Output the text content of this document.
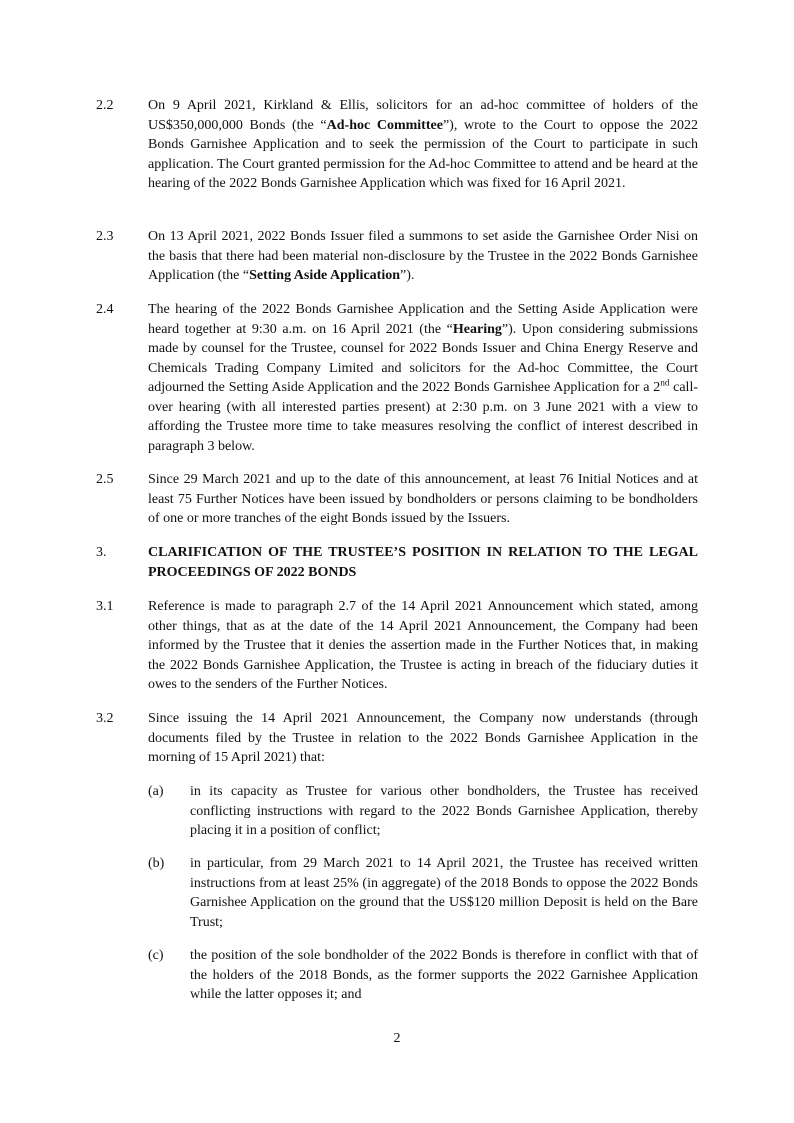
2.2	On 9 April 2021, Kirkland & Ellis, solicitors for an ad-hoc committee of holders of the US$350,000,000 Bonds (the “Ad-hoc Committee”), wrote to the Court to oppose the 2022 Bonds Garnishee Application and to seek the permission of the Court to participate in such application. The Court granted permission for the Ad-hoc Committee to attend and be heard at the hearing of the 2022 Bonds Garnishee Application which was fixed for 16 April 2021.
2.3	On 13 April 2021, 2022 Bonds Issuer filed a summons to set aside the Garnishee Order Nisi on the basis that there had been material non-disclosure by the Trustee in the 2022 Bonds Garnishee Application (the “Setting Aside Application”).
2.4	The hearing of the 2022 Bonds Garnishee Application and the Setting Aside Application were heard together at 9:30 a.m. on 16 April 2021 (the “Hearing”). Upon considering submissions made by counsel for the Trustee, counsel for 2022 Bonds Issuer and China Energy Reserve and Chemicals Trading Company Limited and solicitors for the Ad-hoc Committee, the Court adjourned the Setting Aside Application and the 2022 Bonds Garnishee Application for a 2nd call-over hearing (with all interested parties present) at 2:30 p.m. on 3 June 2021 with a view to affording the Trustee more time to take measures resolving the conflict of interest described in paragraph 3 below.
2.5	Since 29 March 2021 and up to the date of this announcement, at least 76 Initial Notices and at least 75 Further Notices have been issued by bondholders or persons claiming to be bondholders of one or more tranches of the eight Bonds issued by the Issuers.
3.	CLARIFICATION OF THE TRUSTEE’S POSITION IN RELATION TO THE LEGAL PROCEEDINGS OF 2022 BONDS
3.1	Reference is made to paragraph 2.7 of the 14 April 2021 Announcement which stated, among other things, that as at the date of the 14 April 2021 Announcement, the Company had been informed by the Trustee that it denies the assertion made in the Further Notices that, in making the 2022 Bonds Garnishee Application, the Trustee is acting in breach of the fiduciary duties it owes to the senders of the Further Notices.
3.2	Since issuing the 14 April 2021 Announcement, the Company now understands (through documents filed by the Trustee in relation to the 2022 Bonds Garnishee Application in the morning of 15 April 2021) that:
(a)	in its capacity as Trustee for various other bondholders, the Trustee has received conflicting instructions with regard to the 2022 Bonds Garnishee Application, thereby placing it in a position of conflict;
(b)	in particular, from 29 March 2021 to 14 April 2021, the Trustee has received written instructions from at least 25% (in aggregate) of the 2018 Bonds to oppose the 2022 Bonds Garnishee Application on the ground that the US$120 million Deposit is held on the Bare Trust;
(c)	the position of the sole bondholder of the 2022 Bonds is therefore in conflict with that of the holders of the 2018 Bonds, as the former supports the 2022 Garnishee Application while the latter opposes it; and
2
